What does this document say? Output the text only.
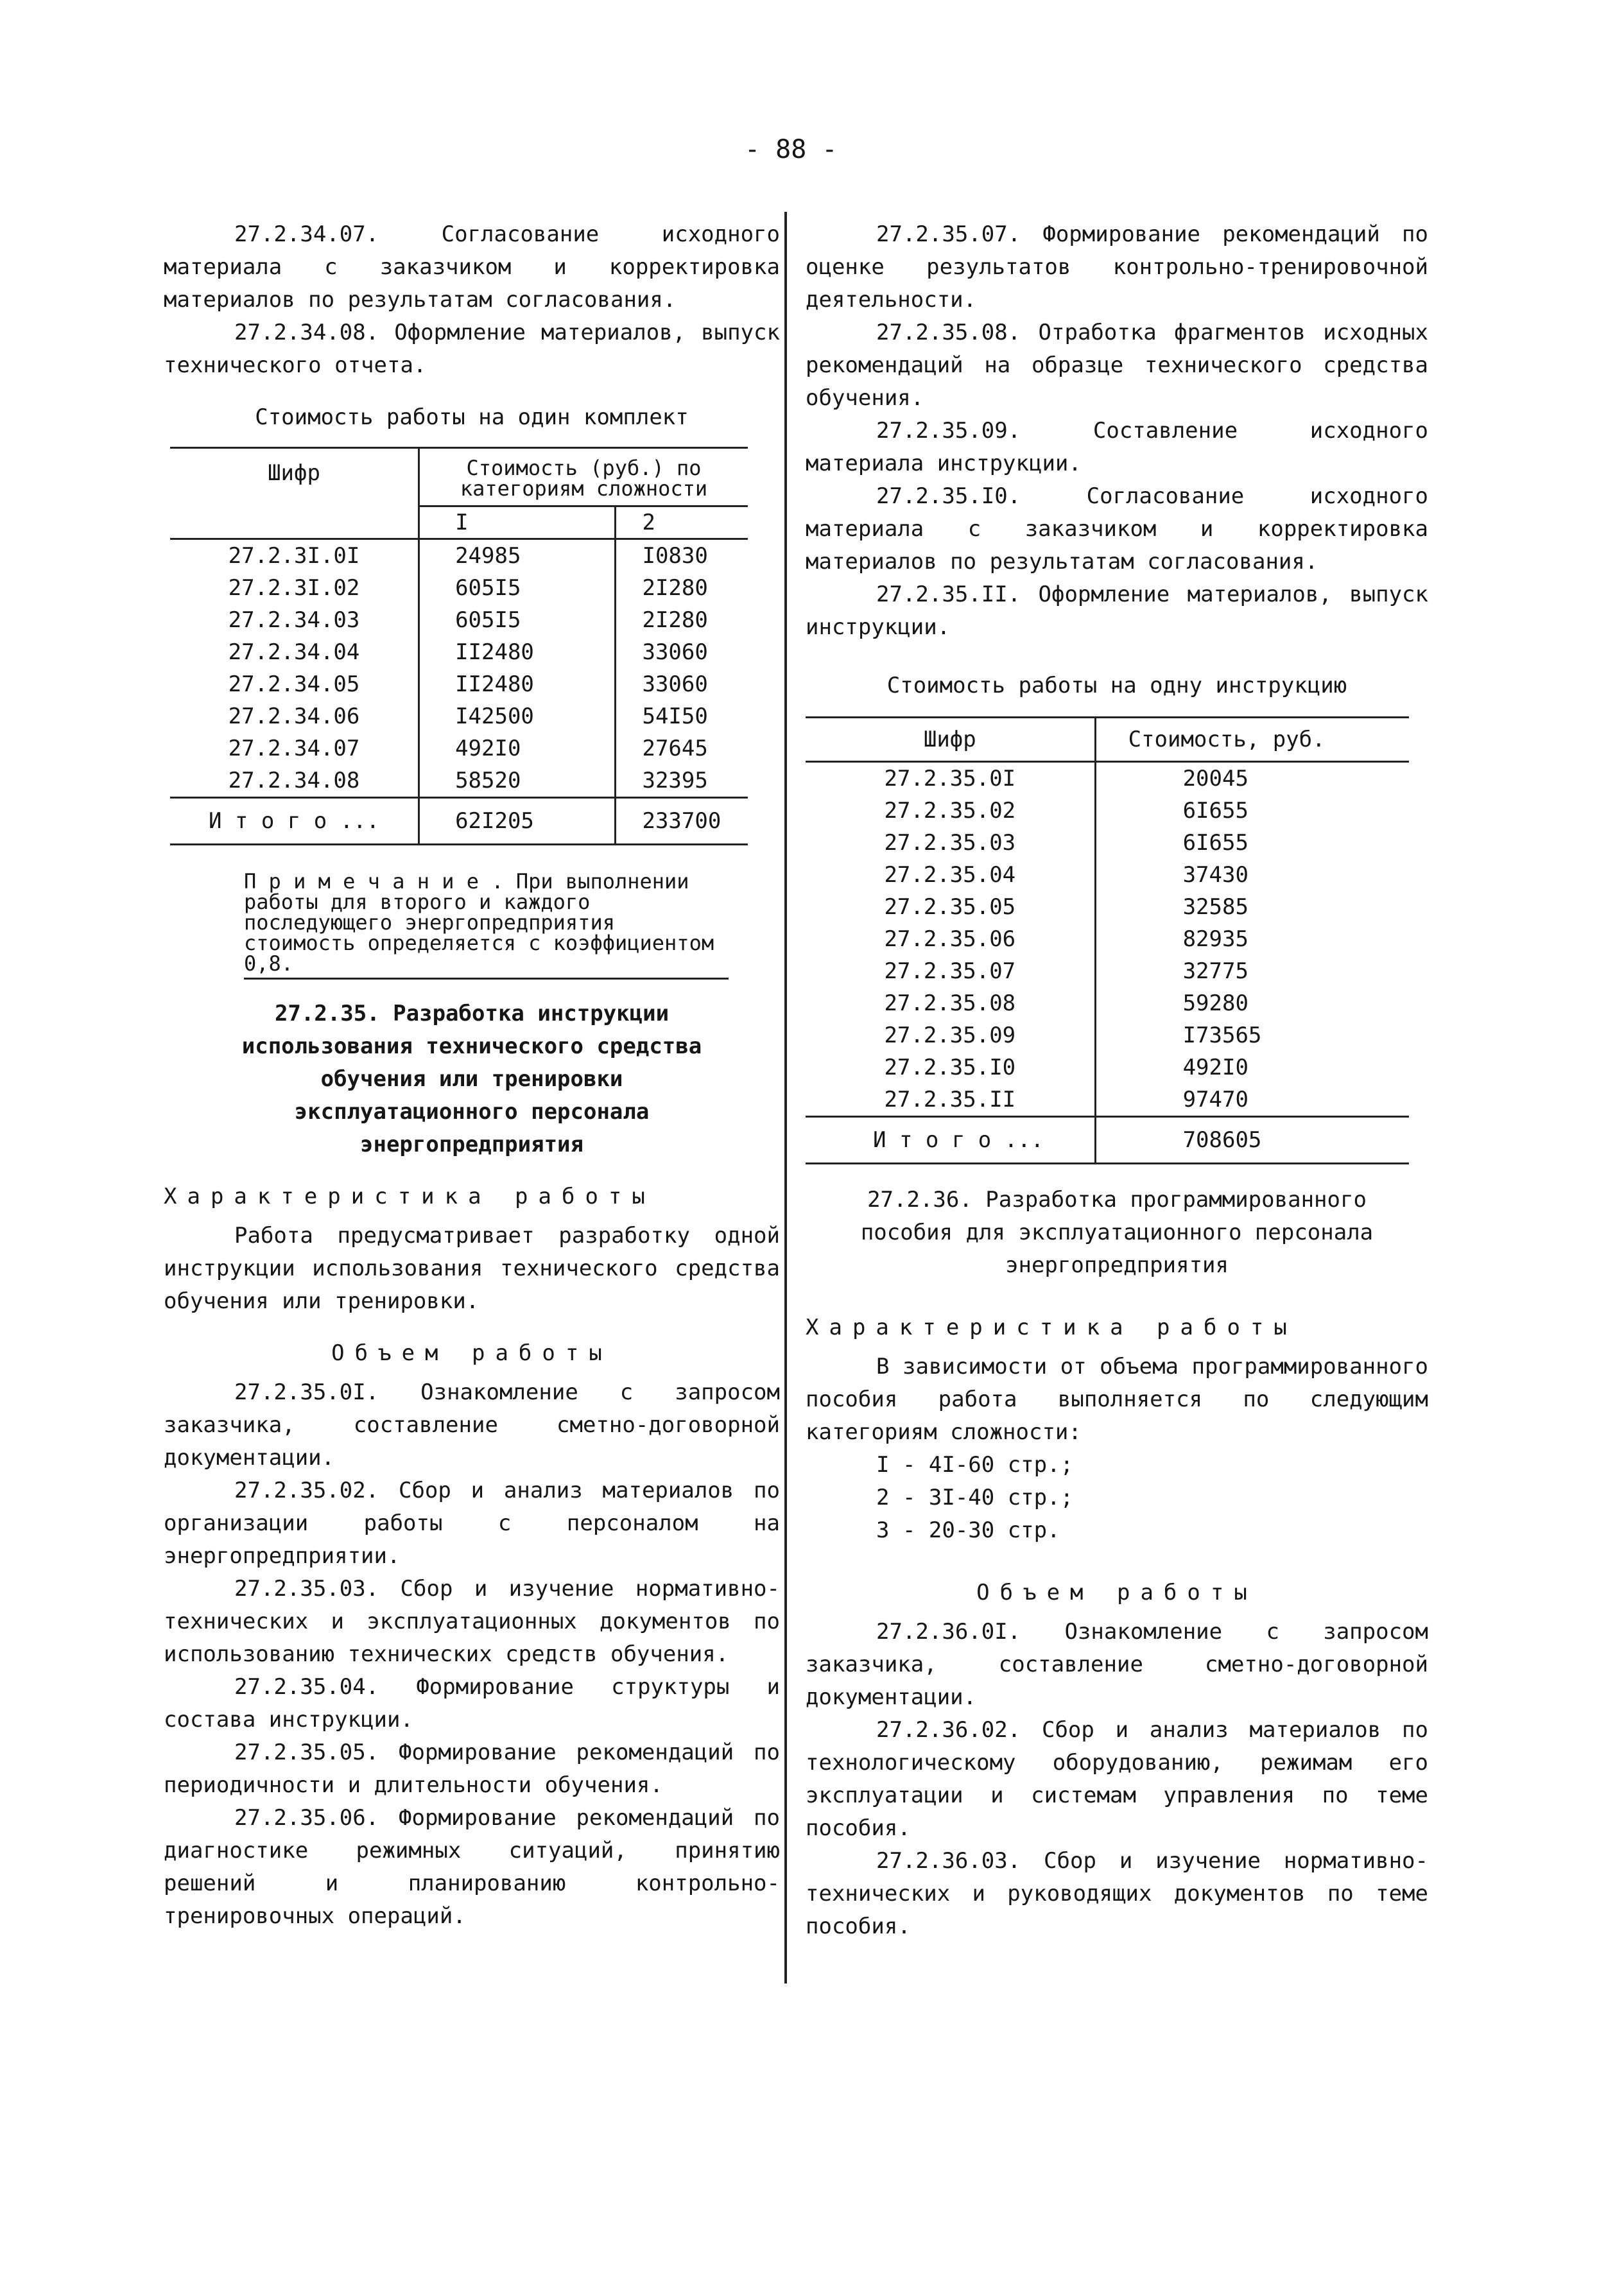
- 88 -

27.2.34.07. Согласование исходного материала с заказчиком и корректировка материалов по результатам согласования.

27.2.34.08. Оформление материалов, выпуск технического отчета.

Стоимость работы на один комплект

Шифр	Стоимость (руб.) по категориям сложности	
	I	2
27.2.3I.0I	24985	I0830
27.2.3I.02	605I5	2I280
27.2.34.03	605I5	2I280
27.2.34.04	II2480	33060
27.2.34.05	II2480	33060
27.2.34.06	I42500	54I50
27.2.34.07	492I0	27645
27.2.34.08	58520	32395
И т о г о ...	62I205	233700

П р и м е ч а н и е . При выполнении работы для второго и каждого последующего энергопредприятия стоимость определяется с коэффициентом 0,8.

27.2.35. Разработка инструкции использования технического средства обучения или тренировки эксплуатационного персонала энергопредприятия

Характеристика работы

Работа предусматривает разработку одной инструкции использования технического средства обучения или тренировки.

Объем работы

27.2.35.0I. Ознакомление с запросом заказчика, составление сметно-договорной документации.

27.2.35.02. Сбор и анализ материалов по организации работы с персоналом на энергопредприятии.

27.2.35.03. Сбор и изучение нормативно-технических и эксплуатационных документов по использованию технических средств обучения.

27.2.35.04. Формирование структуры и состава инструкции.

27.2.35.05. Формирование рекомендаций по периодичности и длительности обучения.

27.2.35.06. Формирование рекомендаций по диагностике режимных ситуаций, принятию решений и планированию контрольно-тренировочных операций.

27.2.35.07. Формирование рекомендаций по оценке результатов контрольно-тренировочной деятельности.

27.2.35.08. Отработка фрагментов исходных рекомендаций на образце технического средства обучения.

27.2.35.09. Составление исходного материала инструкции.

27.2.35.I0. Согласование исходного материала с заказчиком и корректировка материалов по результатам согласования.

27.2.35.II. Оформление материалов, выпуск инструкции.

Стоимость работы на одну инструкцию

Шифр	Стоимость, руб.
27.2.35.0I	20045
27.2.35.02	6I655
27.2.35.03	6I655
27.2.35.04	37430
27.2.35.05	32585
27.2.35.06	82935
27.2.35.07	32775
27.2.35.08	59280
27.2.35.09	I73565
27.2.35.I0	492I0
27.2.35.II	97470
И т о г о ...	708605

27.2.36. Разработка программированного пособия для эксплуатационного персонала энергопредприятия

Характеристика работы

В зависимости от объема программированного пособия работа выполняется по следующим категориям сложности:

I - 4I-60 стр.;

2 - 3I-40 стр.;

3 - 20-30 стр.

Объем работы

27.2.36.0I. Ознакомление с запросом заказчика, составление сметно-договорной документации.

27.2.36.02. Сбор и анализ материалов по технологическому оборудованию, режимам его эксплуатации и системам управления по теме пособия.

27.2.36.03. Сбор и изучение нормативно-технических и руководящих документов по теме пособия.
